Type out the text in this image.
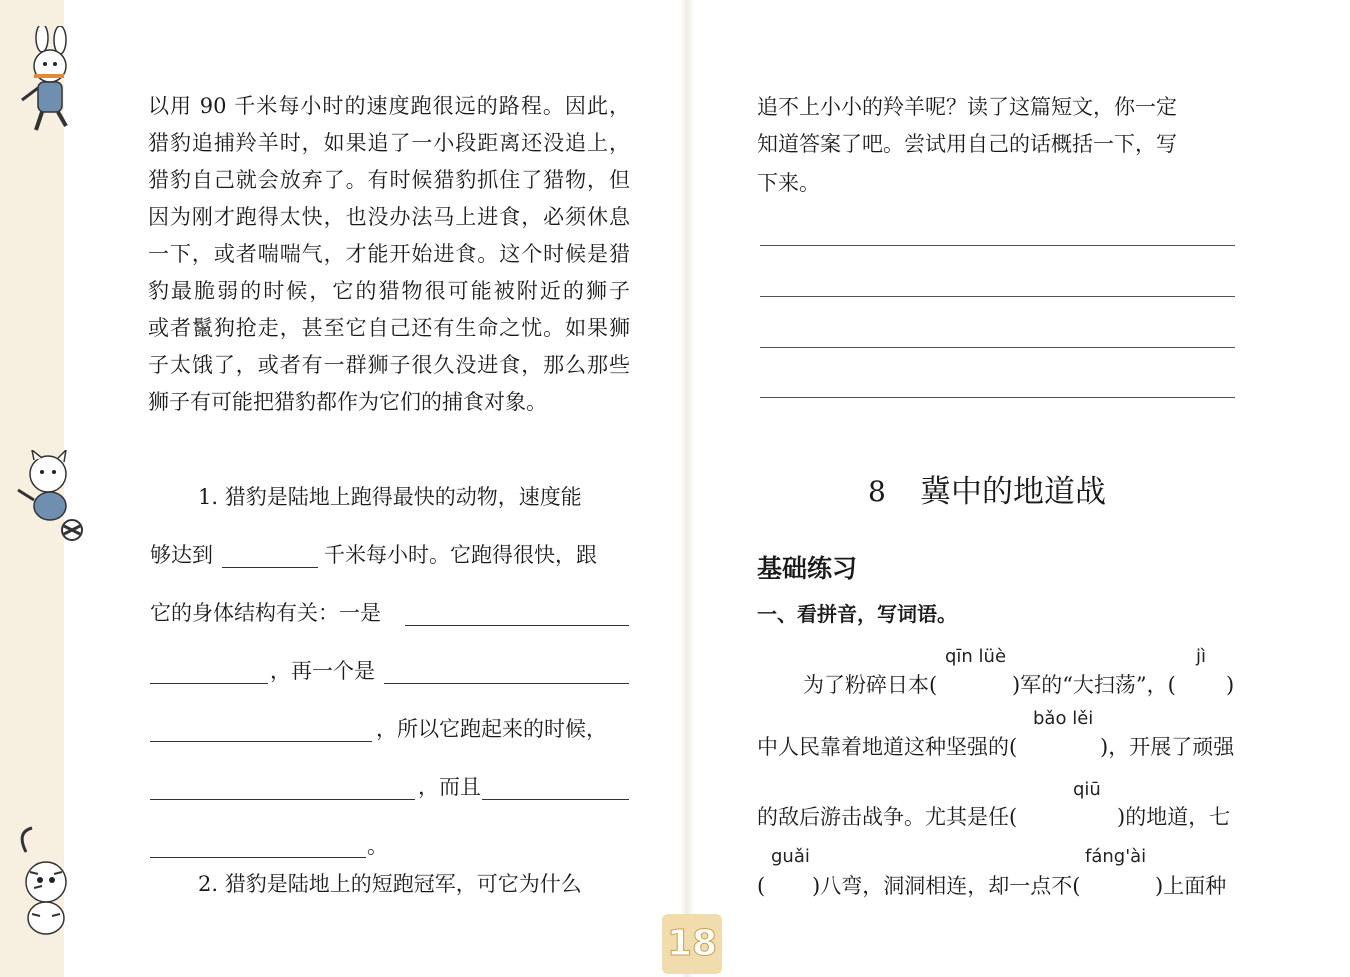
以用 90 千米每小时的速度跑很远的路程。因此，
猎豹追捕羚羊时，如果追了一小段距离还没追上，
猎豹自己就会放弃了。有时候猎豹抓住了猎物，但
因为刚才跑得太快，也没办法马上进食，必须休息
一下，或者喘喘气，才能开始进食。这个时候是猎
豹最脆弱的时候，它的猎物很可能被附近的狮子
或者鬣狗抢走，甚至它自己还有生命之忧。如果狮
子太饿了，或者有一群狮子很久没进食，那么那些
狮子有可能把猎豹都作为它们的捕食对象。
1. 猎豹是陆地上跑得最快的动物，速度能
够达到	千米每小时。它跑得很快，跟
它的身体结构有关：一是
，再一个是
，所以它跑起来的时候，
，而且
。
2. 猎豹是陆地上的短跑冠军，可它为什么
追不上小小的羚羊呢？读了这篇短文，你一定
知道答案了吧。尝试用自己的话概括一下，写
下来。
8 冀中的地道战
基础练习
一、看拼音，写词语。
qīn lüè	jì
为了粉碎日本(	)军的“大扫荡”，( )
bǎo lěi
中人民靠着地道这种坚强的(	)，开展了顽强
qiū
的敌后游击战争。尤其是任(	)的地道，七
guǎi	fáng'ài
( )八弯，洞洞相连，却一点不(	)上面种
18
